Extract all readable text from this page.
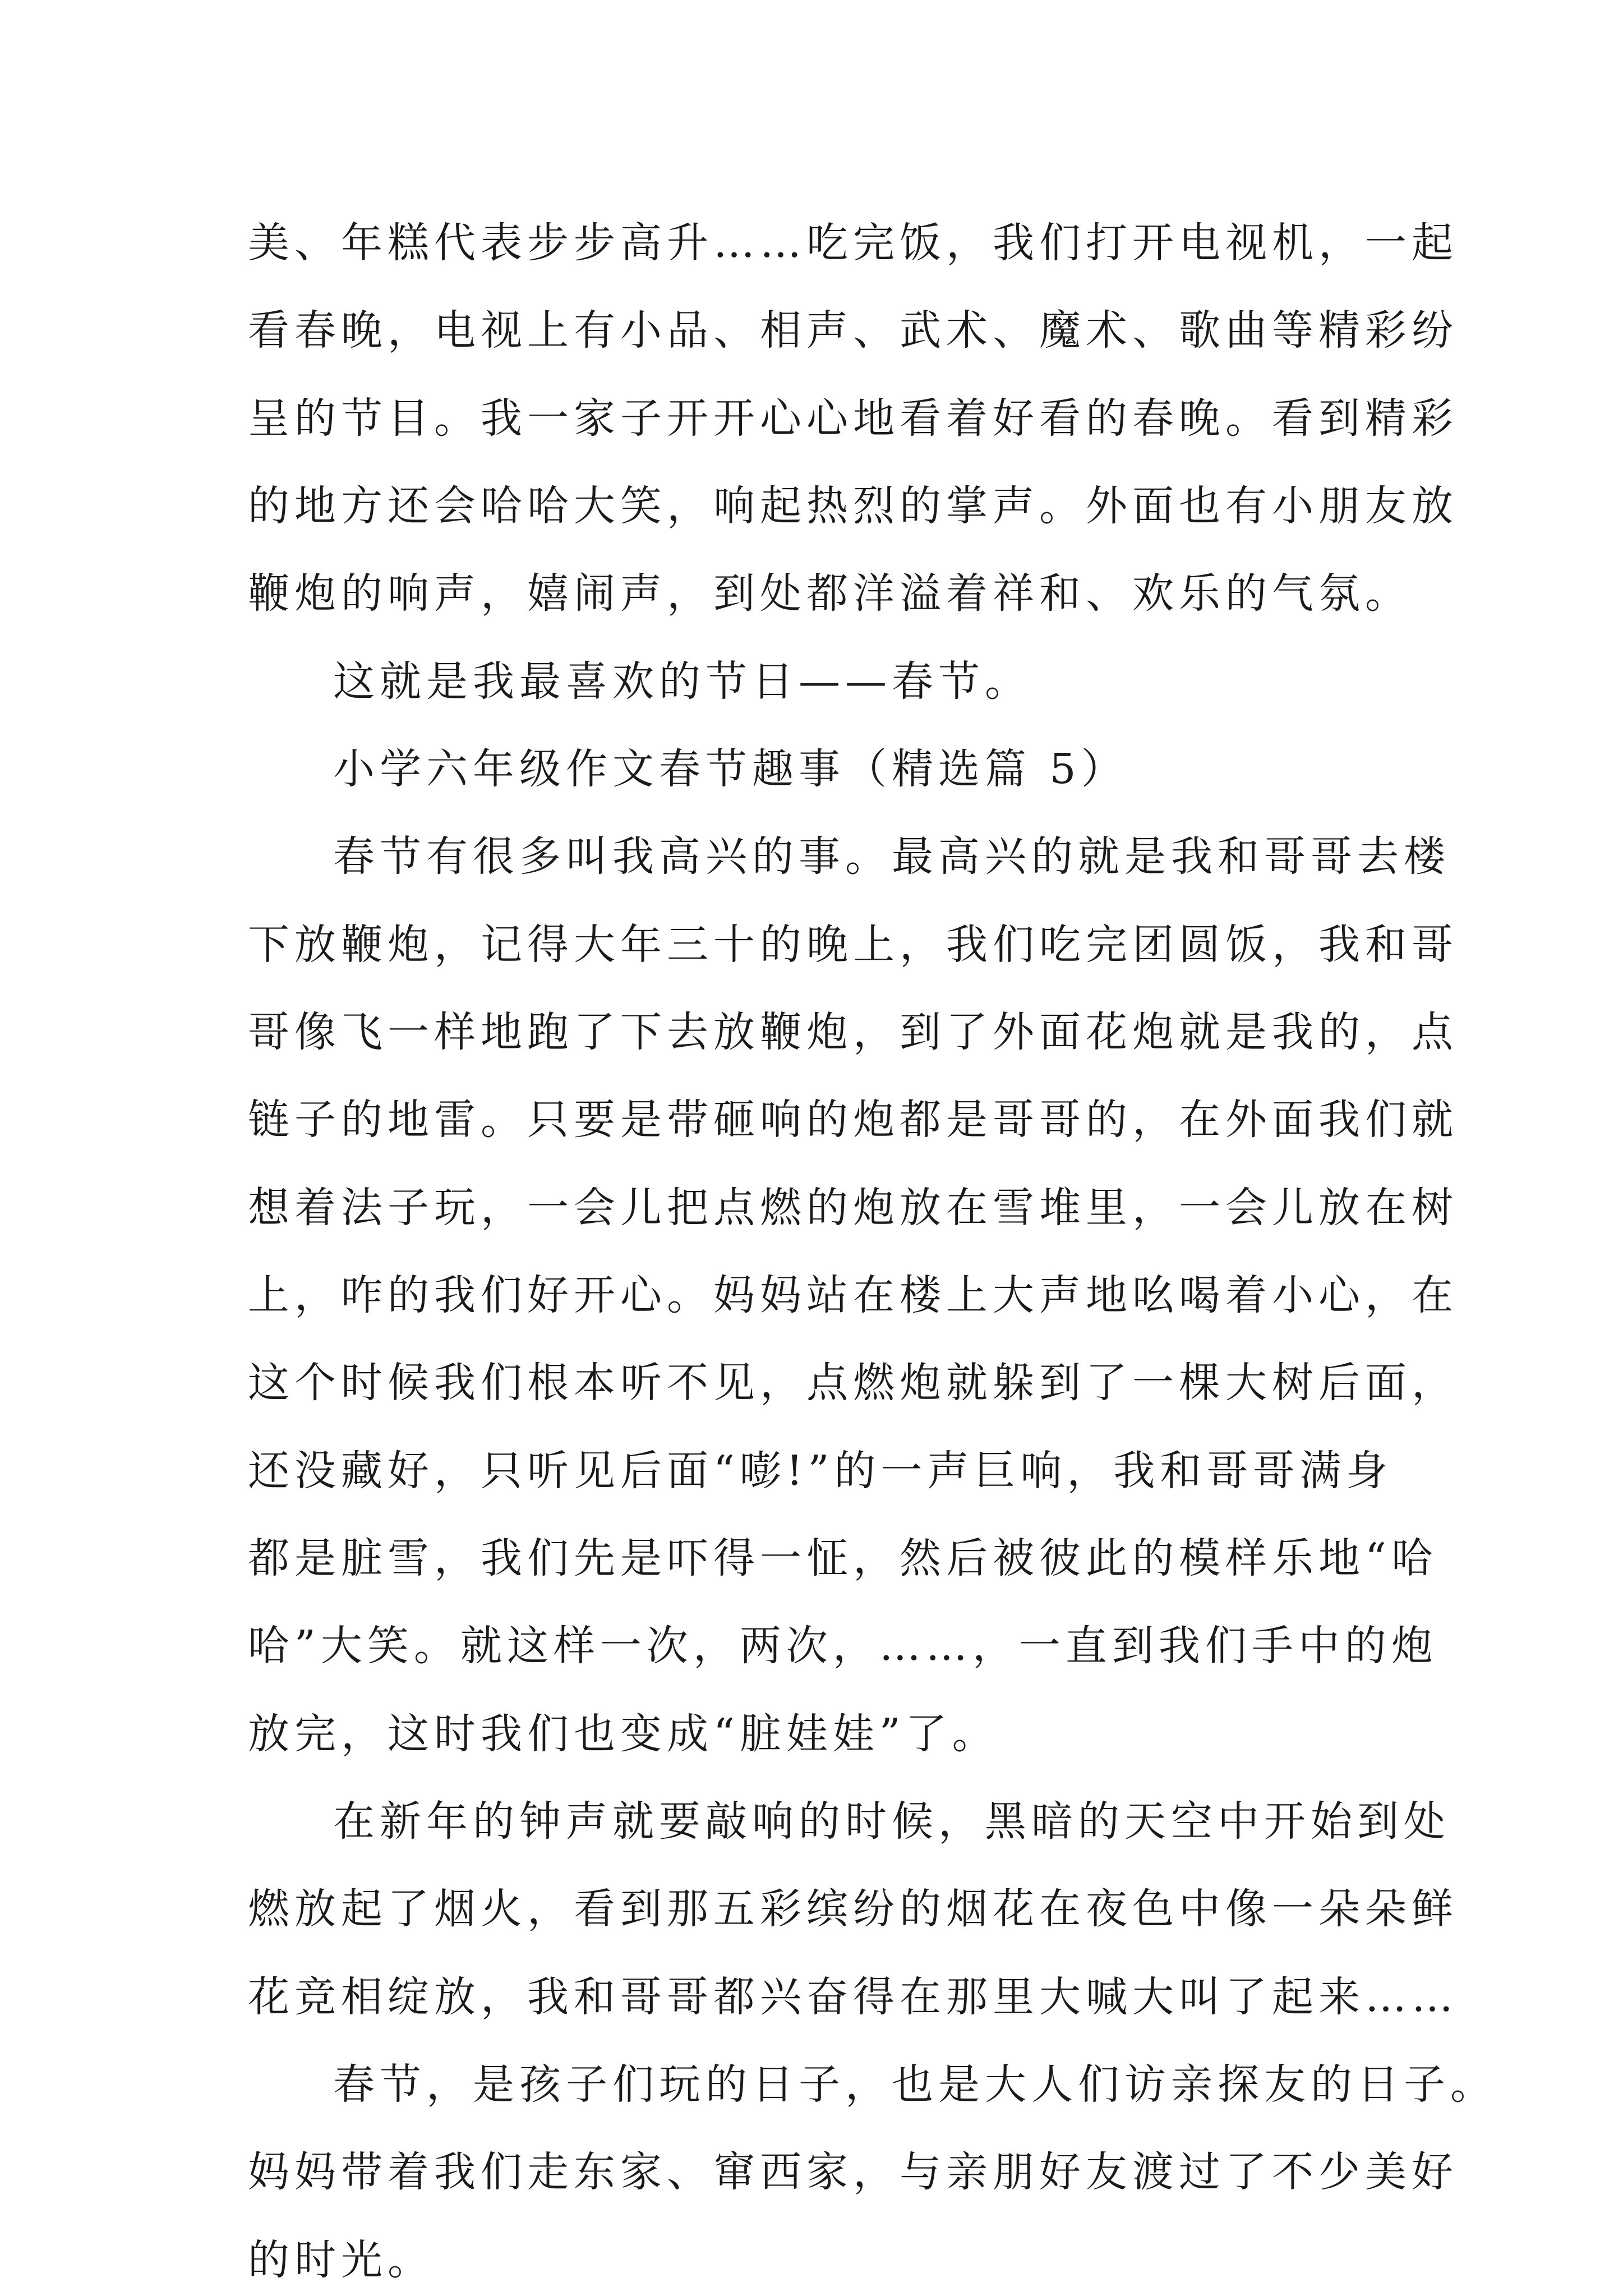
美、年糕代表步步高升……吃完饭，我们打开电视机，一起
看春晚，电视上有小品、相声、武术、魔术、歌曲等精彩纷
呈的节目。我一家子开开心心地看着好看的春晚。看到精彩
的地方还会哈哈大笑，响起热烈的掌声。外面也有小朋友放
鞭炮的响声，嬉闹声，到处都洋溢着祥和、欢乐的气氛。
这就是我最喜欢的节日——春节。
小学六年级作文春节趣事（精选篇 5）
春节有很多叫我高兴的事。最高兴的就是我和哥哥去楼
下放鞭炮，记得大年三十的晚上，我们吃完团圆饭，我和哥
哥像飞一样地跑了下去放鞭炮，到了外面花炮就是我的，点
链子的地雷。只要是带砸响的炮都是哥哥的，在外面我们就
想着法子玩，一会儿把点燃的炮放在雪堆里，一会儿放在树
上，咋的我们好开心。妈妈站在楼上大声地吆喝着小心，在
这个时候我们根本听不见，点燃炮就躲到了一棵大树后面，
还没藏好，只听见后面“嘭!”的一声巨响，我和哥哥满身
都是脏雪，我们先是吓得一怔，然后被彼此的模样乐地“哈
哈”大笑。就这样一次，两次，……，一直到我们手中的炮
放完，这时我们也变成“脏娃娃”了。
在新年的钟声就要敲响的时候，黑暗的天空中开始到处
燃放起了烟火，看到那五彩缤纷的烟花在夜色中像一朵朵鲜
花竞相绽放，我和哥哥都兴奋得在那里大喊大叫了起来……
春节，是孩子们玩的日子，也是大人们访亲探友的日子。
妈妈带着我们走东家、窜西家，与亲朋好友渡过了不少美好
的时光。
